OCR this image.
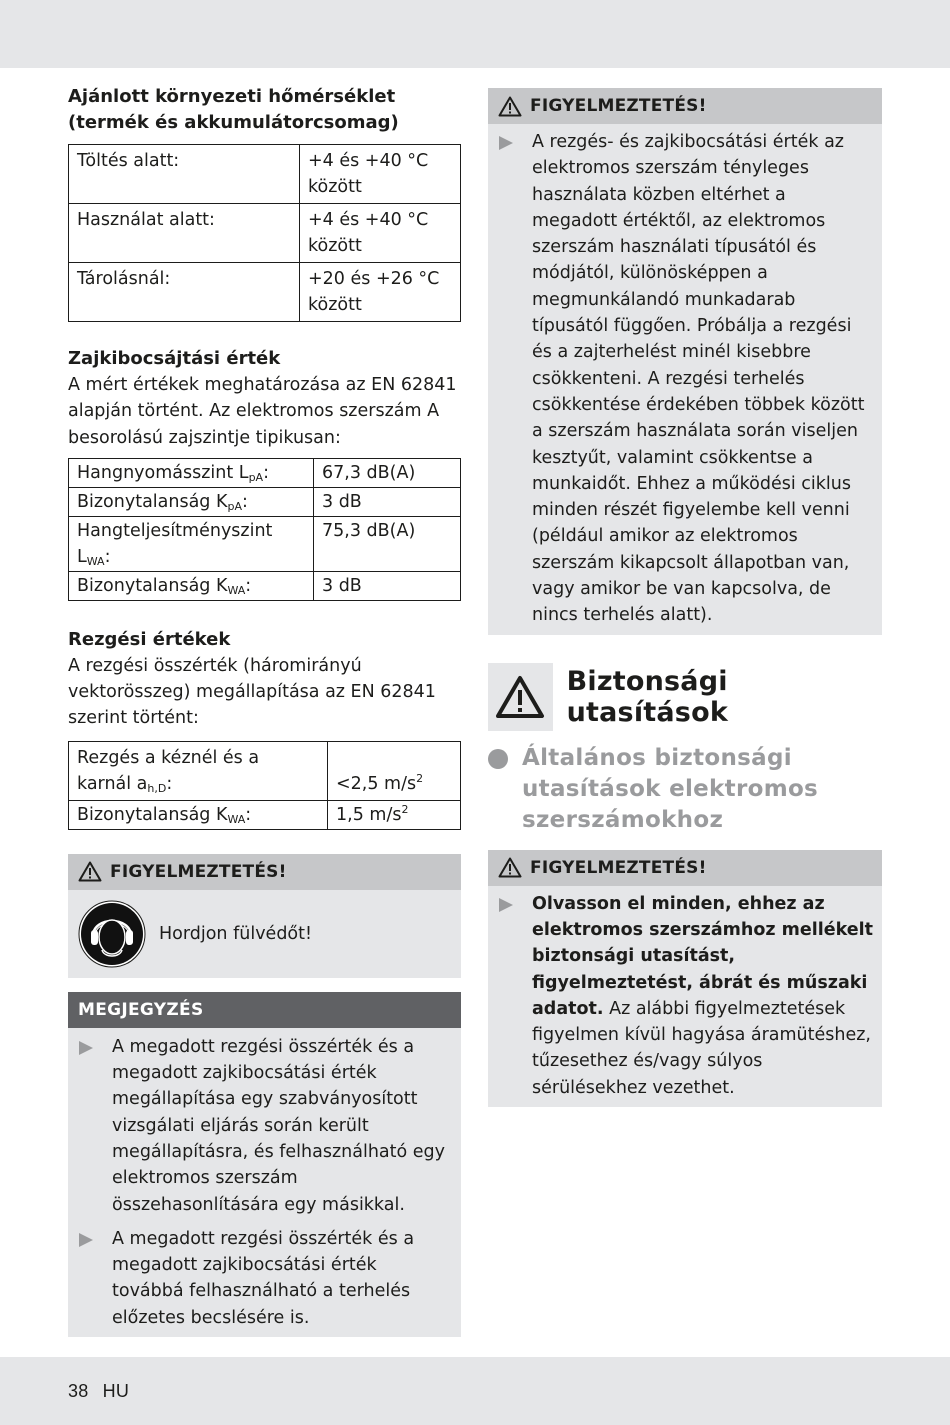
Ajánlott környezeti hőmérséklet
(termék és akkumulátorcsomag)
Töltés alatt:	+4 és +40 °C
között

Használat alatt:	+4 és +40 °C
között

Tárolásnál:	+20 és +26 °C
között
Zajkibocsájtási érték
A mért értékek meghatározása az EN 62841 alapján történt. Az elektromos szerszám A besorolású zajszintje tipikusan:
Hangnyomásszint $L_{pA}$:	67,3 dB(A)
Bizonytalanság $K_{pA}$:	3 dB
Hangteljesítményszint $L_{WA}$:	75,3 dB(A)
Bizonytalanság $K_{WA}$:	3 dB
Rezgési értékek
A rezgési összérték (háromirányú vektorösszeg) megállapítása az EN 62841 szerint történt:
Rezgés a kéznél és a
karnál $a_{h,D}$:	<2,5 $m/s^2$
Bizonytalanság $K_{WA}$:	1,5 $m/s^2$
FIGYELMEZTETÉS!
Hordjon fülvédőt!
MEGJEGYZÉS
A megadott rezgési összérték és a megadott zajkibocsátási érték megállapítása egy szabványosított vizsgálati eljárás során került megállapításra, és felhasználható egy elektromos szerszám összehasonlítására egy másikkal.
A megadott rezgési összérték és a megadott zajkibocsátási érték továbbá felhasználható a terhelés előzetes becslésére is.
FIGYELMEZTETÉS!
A rezgés- és zajkibocsátási érték az elektromos szerszám tényleges használata közben eltérhet a megadott értéktől, az elektromos szerszám használati típusától és módjától, különösképpen a megmunkálandó munkadarab típusától függően. Próbálja a rezgési és a zajterhelést minél kisebbre csökkenteni. A rezgési terhelés csökkentése érdekében többek között a szerszám használata során viseljen kesztyűt, valamint csökkentse a munkaidőt. Ehhez a működési ciklus minden részét figyelembe kell venni (például amikor az elektromos szerszám kikapcsolt állapotban van, vagy amikor be van kapcsolva, de nincs terhelés alatt).
Biztonsági utasítások
Általános biztonsági utasítások elektromos szerszámokhoz
FIGYELMEZTETÉS!
Olvasson el minden, ehhez az elektromos szerszámhoz mellékelt biztonsági utasítást, figyelmeztetést, ábrát és műszaki adatot. Az alábbi figyelmeztetések figyelmen kívül hagyása áramütéshez, tűzesethez és/vagy súlyos sérülésekhez vezethet.
38 HU
